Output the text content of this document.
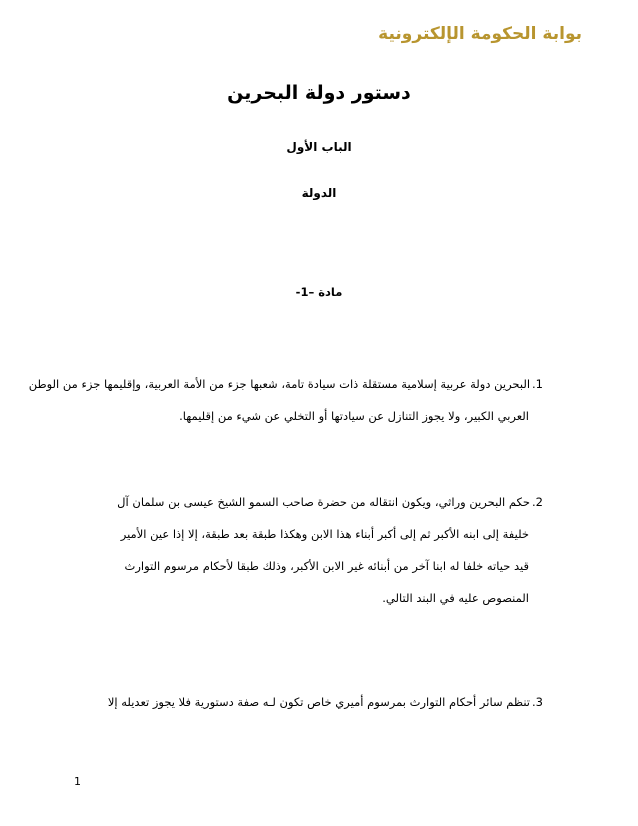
بوابة الحكومة الإلكترونية
دستور دولة البحرين
الباب الأول
الدولة
مادة –1-
1.البحرين دولة عربية إسلامية مستقلة ذات سيادة تامة، شعبها جزء من الأمة العربية، وإقليمها جزء من الوطن
العربي الكبير، ولا يجوز التنازل عن سيادتها أو التخلي عن شيء من إقليمها.
2.حكم البحرين وراثي، ويكون انتقاله من حضرة صاحب السمو الشيخ عيسى بن سلمان آل
خليفة إلى ابنه الأكبر ثم إلى أكبر أبناء هذا الابن وهكذا طبقة بعد طبقة، إلا إذا عين الأمير
قيد حياته خلفا له ابنا آخر من أبنائه غير الابن الأكبر، وذلك طبقا لأحكام مرسوم التوارث
المنصوص عليه في البند التالي.
3.تنظم سائر أحكام التوارث بمرسوم أميري خاص تكون لـه صفة دستورية فلا يجوز تعديله إلا
1
